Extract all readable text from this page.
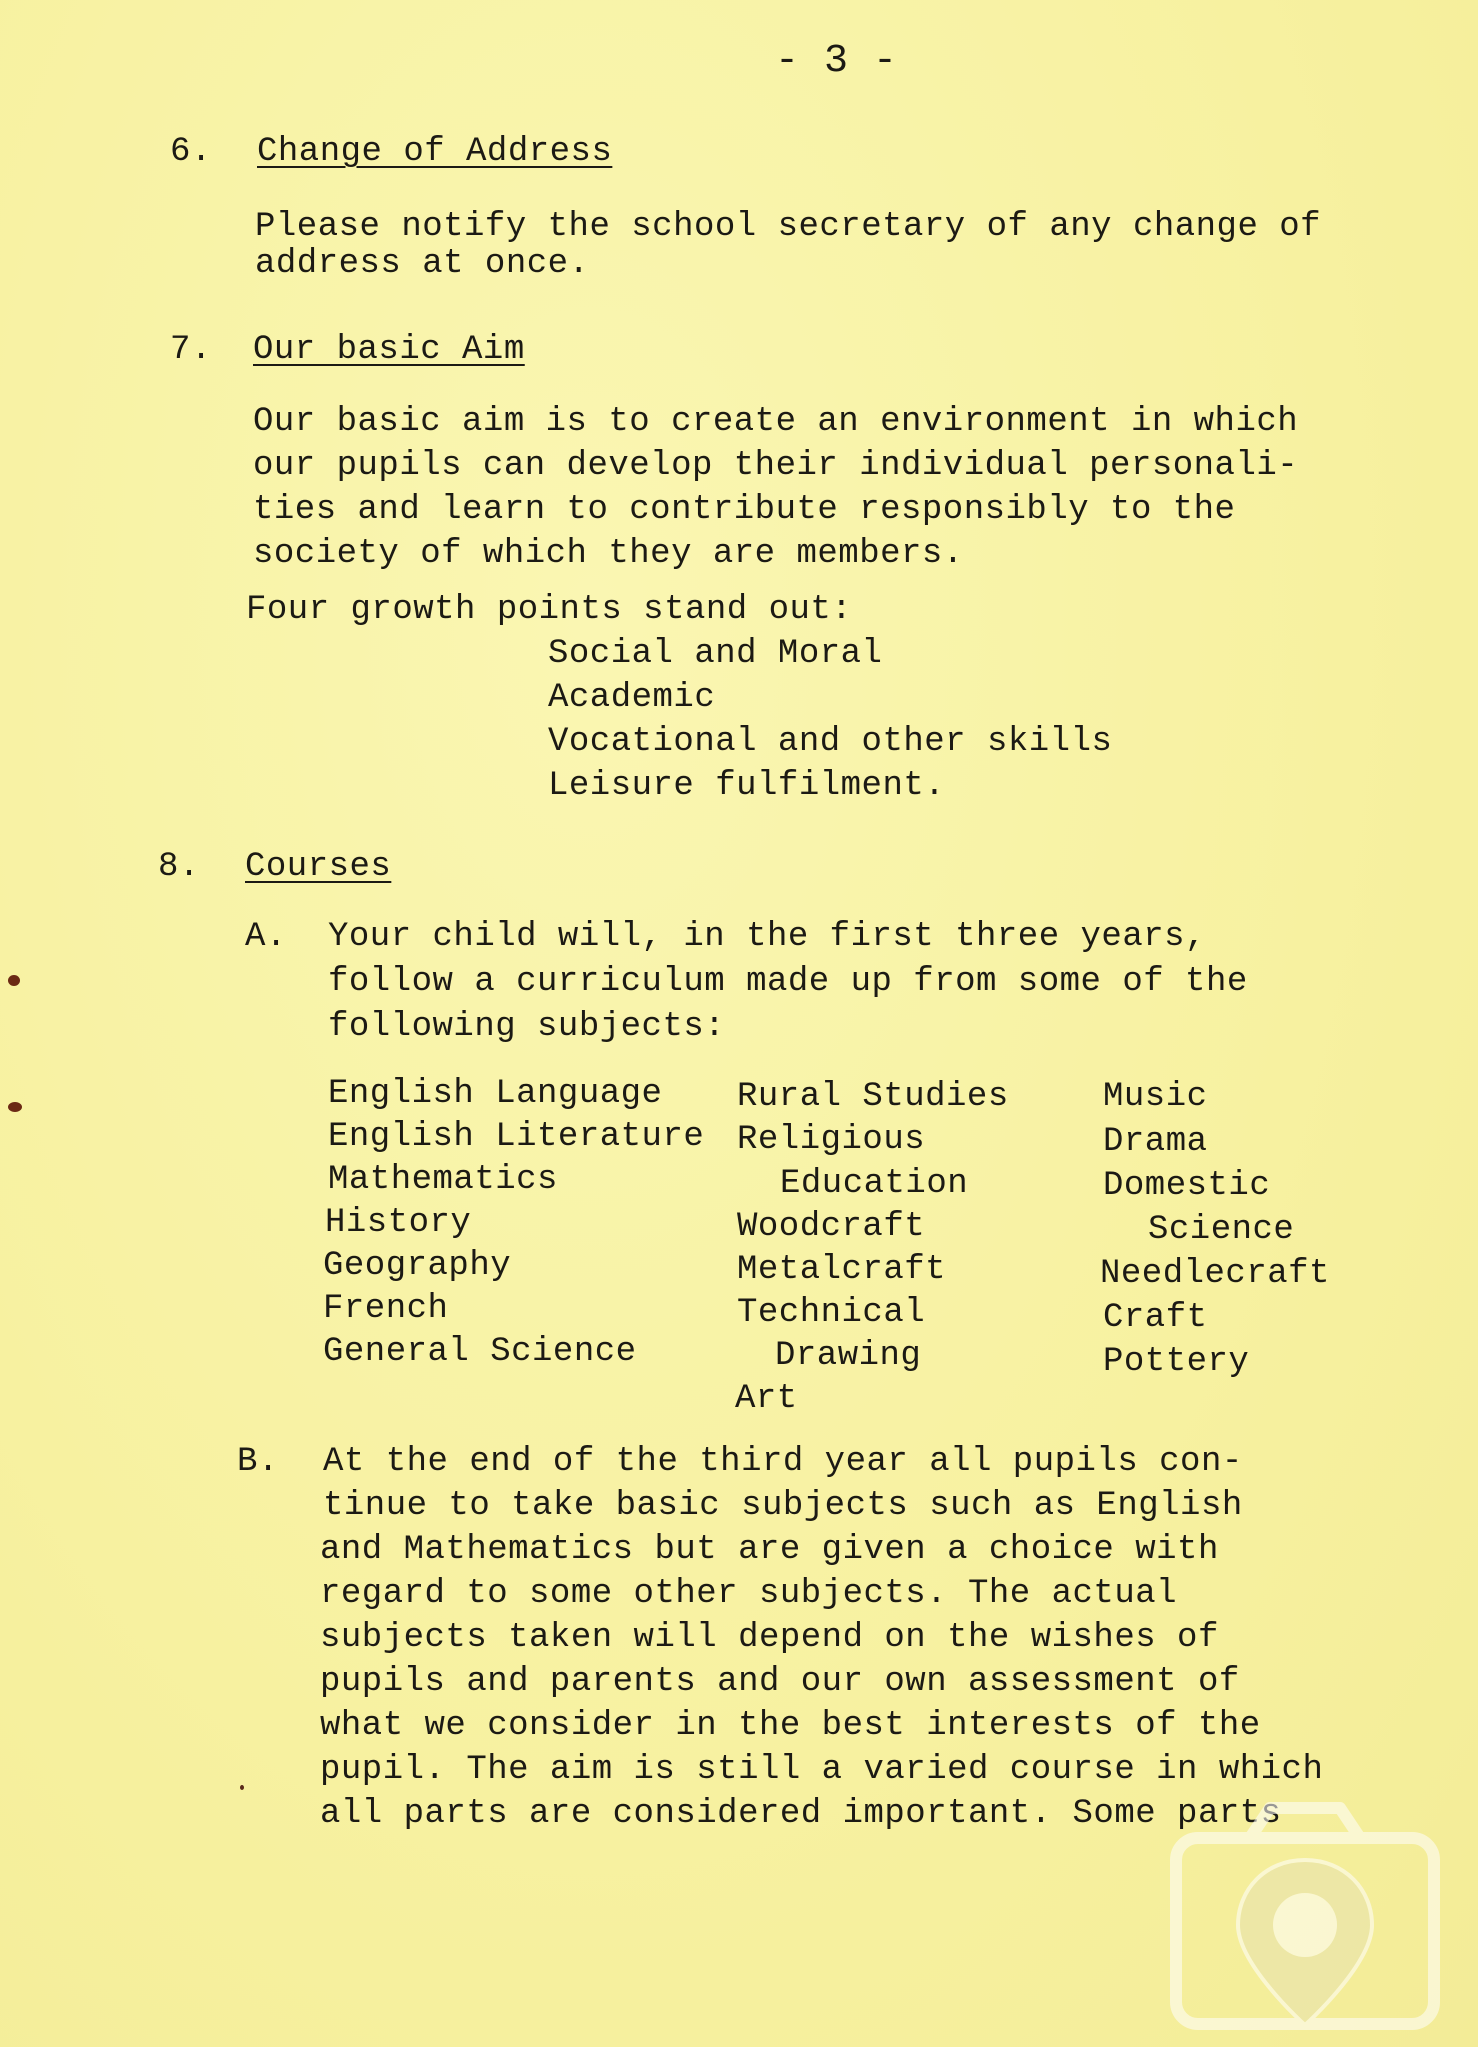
- 3 -
6. Change of Address
Please notify the school secretary of any change of
address at once.
7. Our basic Aim
Our basic aim is to create an environment in which
our pupils can develop their individual personali-
ties and learn to contribute responsibly to the
society of which they are members.
Four growth points stand out:
Social and Moral
Academic
Vocational and other skills
Leisure fulfilment.
8. Courses
A. Your child will, in the first three years,
follow a curriculum made up from some of the
following subjects:
English Language
English Literature
Mathematics
History
Geography
French
General Science
Rural Studies
Religious
Education
Woodcraft
Metalcraft
Technical
Drawing
Art
Music
Drama
Domestic
Science
Needlecraft
Craft
Pottery
B. At the end of the third year all pupils con-
tinue to take basic subjects such as English
and Mathematics but are given a choice with
regard to some other subjects. The actual
subjects taken will depend on the wishes of
pupils and parents and our own assessment of
what we consider in the best interests of the
pupil. The aim is still a varied course in which
all parts are considered important. Some parts
